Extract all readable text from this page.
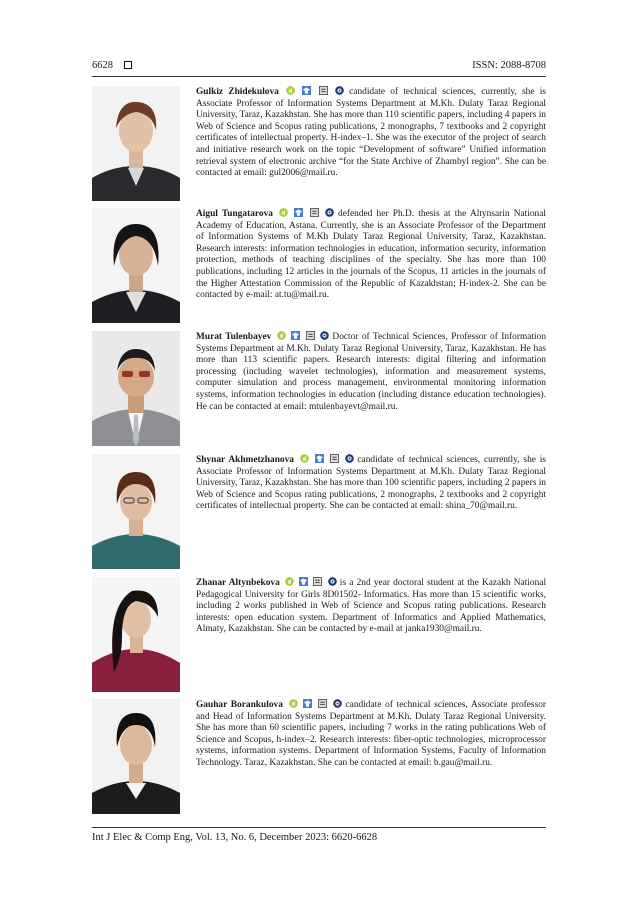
6628	ISSN: 2088-8708
Gulkiz Zhidekulova	candidate of technical sciences, currently, she is Associate Professor of Information Systems Department at M.Kh. Dulaty Taraz Regional University, Taraz, Kazakhstan. She has more than 110 scientific papers, including 4 papers in Web of Science and Scopus rating publications, 2 monographs, 7 textbooks and 2 copyright certificates of intellectual property. H-index–1. She was the executor of the project of search and initiative research work on the topic “Development of software” Unified information retrieval system of electronic archive “for the State Archive of Zhambyl region”. She can be contacted at email: gul2006@mail.ru.
Aigul Tungatarova	defended her Ph.D. thesis at the Altynsarin National Academy of Education, Astana. Currently, she is an Associate Professor of the Department of Information Systems of M.Kh Dulaty Taraz Regional University, Taraz, Kazakhstan. Research interests: information technologies in education, information security, information protection, methods of teaching disciplines of the specialty. She has more than 100 publications, including 12 articles in the journals of the Scopus, 11 articles in the journals of the Higher Attestation Commission of the Republic of Kazakhstan; H-index-2. She can be contacted by e-mail: at.tu@mail.ru.
Murat Tulenbayev	Doctor of Technical Sciences, Professor of Information Systems Department at M.Kh. Dulaty Taraz Regional University, Taraz, Kazakhstan. He has more than 113 scientific papers. Research interests: digital filtering and information processing (including wavelet technologies), information and measurement systems, computer simulation and process management, environmental monitoring information systems, information technologies in education (including distance education technologies). He can be contacted at email: mtulenbayevt@mail.ru.
Shynar Akhmetzhanova	candidate of technical sciences, currently, she is Associate Professor of Information Systems Department at M.Kh. Dulaty Taraz Regional University, Taraz, Kazakhstan. She has more than 100 scientific papers, including 2 papers in Web of Science and Scopus rating publications, 2 monographs, 2 textbooks and 2 copyright certificates of intellectual property. She can be contacted at email: shina_70@mail.ru.
Zhanar Altynbekova	is a 2nd year doctoral student at the Kazakh National Pedagogical University for Girls 8D01502- Informatics. Has more than 15 scientific works, including 2 works published in Web of Science and Scopus rating publications. Research interests: open education system. Department of Informatics and Applied Mathematics, Almaty, Kazakhstan. She can be contacted by e-mail at janka1930@mail.ru.
Gauhar Borankulova	candidate of technical sciences, Associate professor and Head of Information Systems Department at M.Kh. Dulaty Taraz Regional University. She has more than 60 scientific papers, including 7 works in the rating publications Web of Science and Scopus, h-index–2. Research interests: fiber-optic technologies, microprocessor systems, information systems. Department of Information Systems, Faculty of Information Technology. Taraz, Kazakhstan. She can be contacted at email: b.gau@mail.ru.
Int J Elec & Comp Eng, Vol. 13, No. 6, December 2023: 6620-6628
